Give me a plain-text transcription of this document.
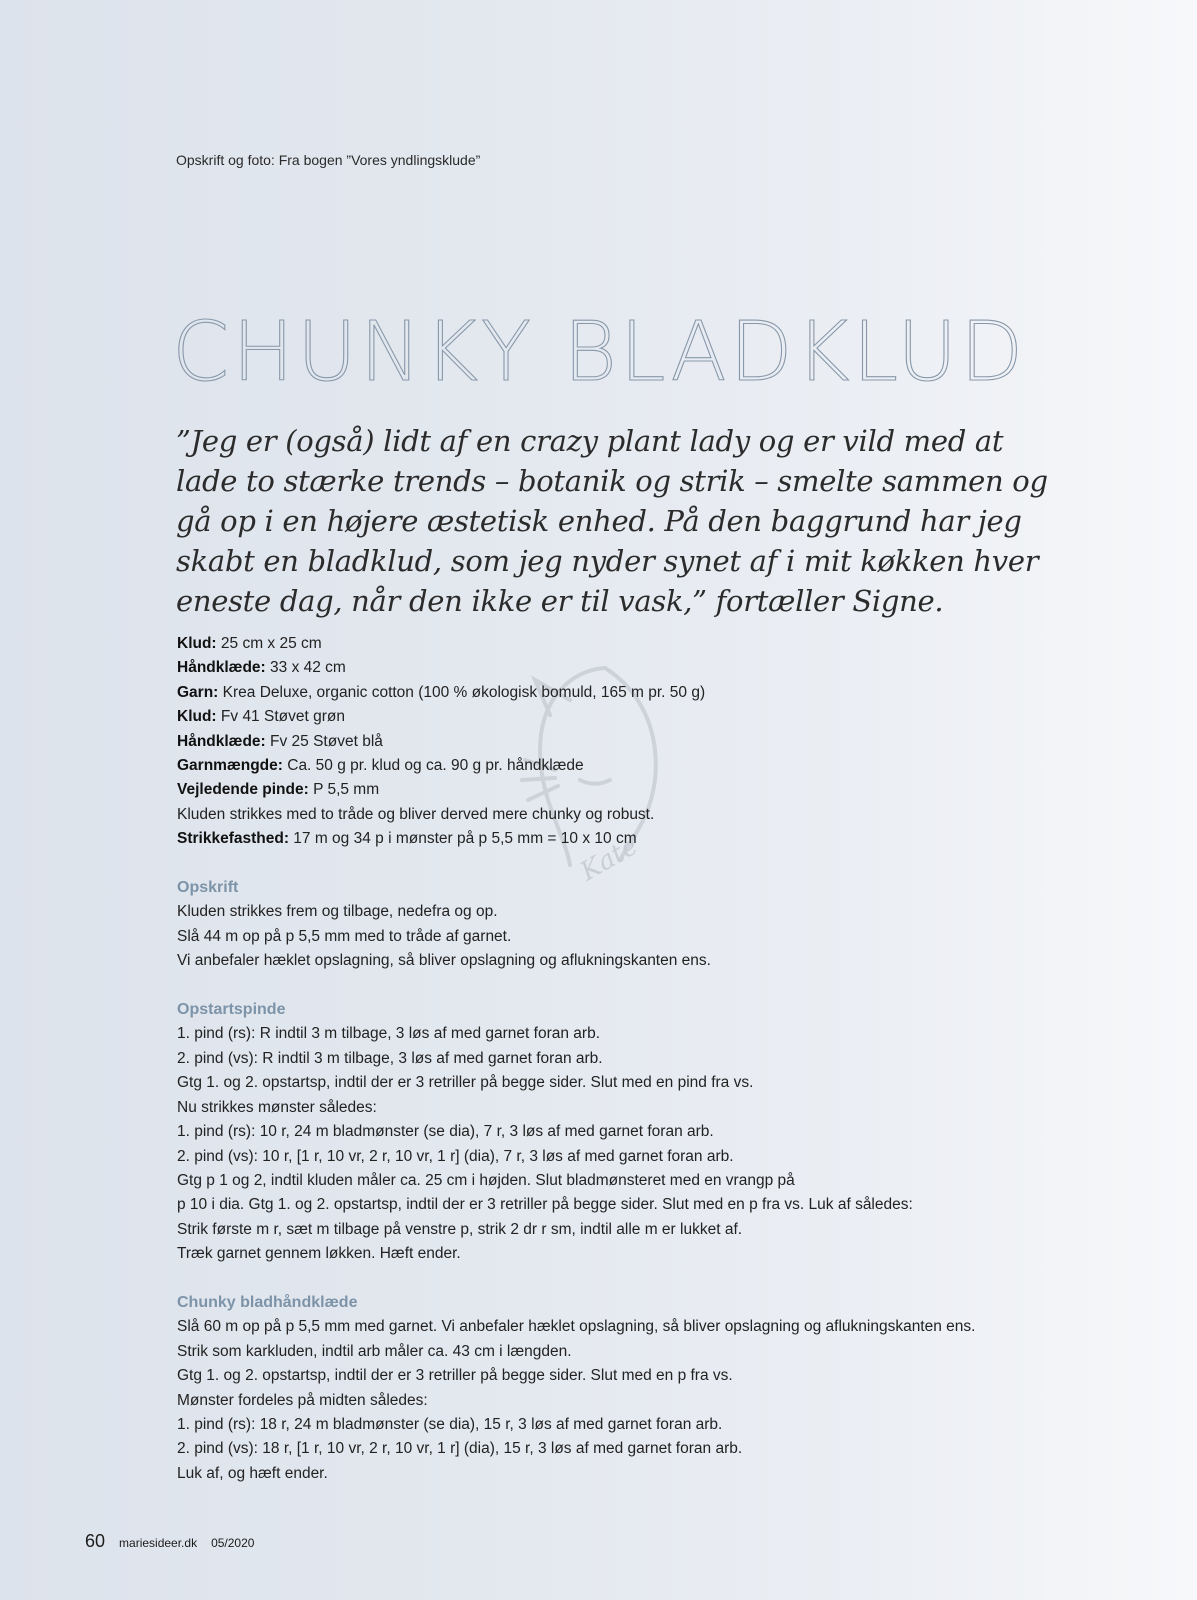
Opskrift og foto: Fra bogen ”Vores yndlingsklude”
CHUNKY BLADKLUD

”Jeg er (også) lidt af en crazy plant lady og er vild med at lade to stærke trends – botanik og strik – smelte sammen og gå op i en højere æstetisk enhed. På den baggrund har jeg skabt en bladklud, som jeg nyder synet af i mit køkken hver eneste dag, når den ikke er til vask,” fortæller Signe.

Kate
Klud: 25 cm x 25 cm
Håndklæde: 33 x 42 cm
Garn: Krea Deluxe, organic cotton (100 % økologisk bomuld, 165 m pr. 50 g)
Klud: Fv 41 Støvet grøn
Håndklæde: Fv 25 Støvet blå
Garnmængde: Ca. 50 g pr. klud og ca. 90 g pr. håndklæde
Vejledende pinde: P 5,5 mm
Kluden strikkes med to tråde og bliver derved mere chunky og robust.
Strikkefasthed: 17 m og 34 p i mønster på p 5,5 mm = 10 x 10 cm
Opskrift
Kluden strikkes frem og tilbage, nedefra og op.
Slå 44 m op på p 5,5 mm med to tråde af garnet.
Vi anbefaler hæklet opslagning, så bliver opslagning og aflukningskanten ens.
Opstartspinde
1. pind (rs): R indtil 3 m tilbage, 3 løs af med garnet foran arb.
2. pind (vs): R indtil 3 m tilbage, 3 løs af med garnet foran arb.
Gtg 1. og 2. opstartsp, indtil der er 3 retriller på begge sider. Slut med en pind fra vs.
Nu strikkes mønster således:
1. pind (rs): 10 r, 24 m bladmønster (se dia), 7 r, 3 løs af med garnet foran arb.
2. pind (vs): 10 r, [1 r, 10 vr, 2 r, 10 vr, 1 r] (dia), 7 r, 3 løs af med garnet foran arb.
Gtg p 1 og 2, indtil kluden måler ca. 25 cm i højden. Slut bladmønsteret med en vrangp på
p 10 i dia. Gtg 1. og 2. opstartsp, indtil der er 3 retriller på begge sider. Slut med en p fra vs. Luk af således:
Strik første m r, sæt m tilbage på venstre p, strik 2 dr r sm, indtil alle m er lukket af.
Træk garnet gennem løkken. Hæft ender.
Chunky bladhåndklæde
Slå 60 m op på p 5,5 mm med garnet. Vi anbefaler hæklet opslagning, så bliver opslagning og aflukningskanten ens.
Strik som karkluden, indtil arb måler ca. 43 cm i længden.
Gtg 1. og 2. opstartsp, indtil der er 3 retriller på begge sider. Slut med en p fra vs.
Mønster fordeles på midten således:
1. pind (rs): 18 r, 24 m bladmønster (se dia), 15 r, 3 løs af med garnet foran arb.
2. pind (vs): 18 r, [1 r, 10 vr, 2 r, 10 vr, 1 r] (dia), 15 r, 3 løs af med garnet foran arb.
Luk af, og hæft ender.
60 mariesideer.dk 05/2020
